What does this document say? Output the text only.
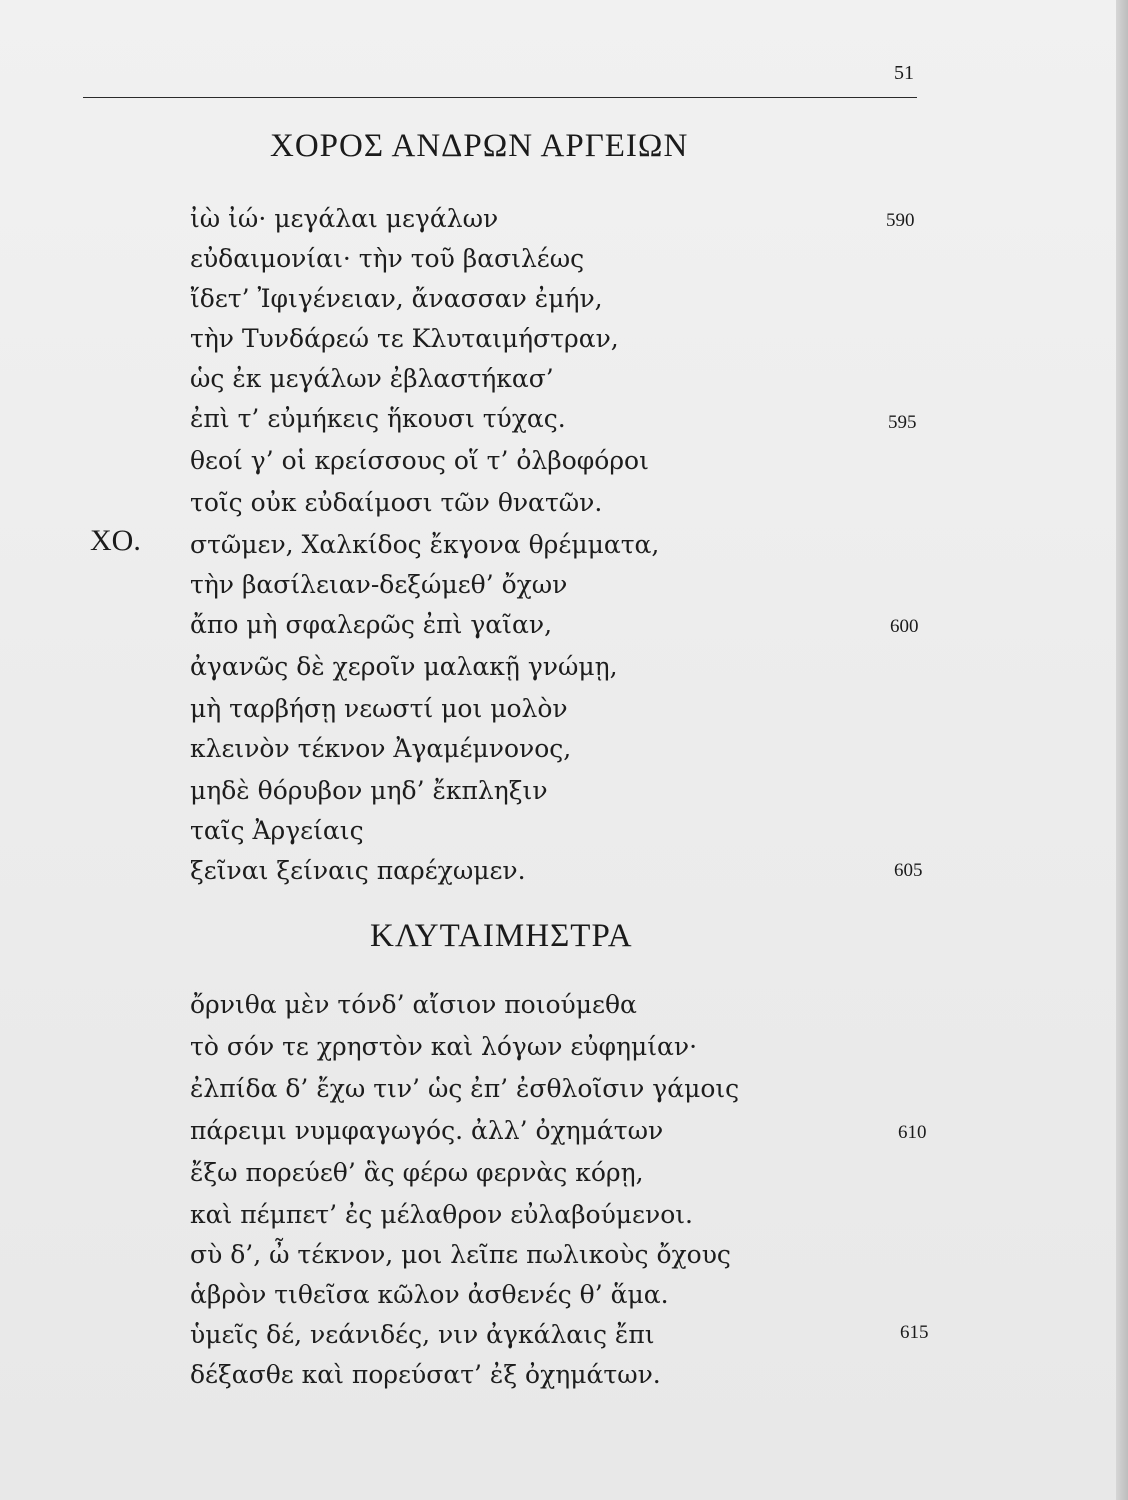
51
ΧΟΡΟΣ ΑΝΔΡΩΝ ΑΡΓΕΙΩΝ
ἰὼ ἰώ· μεγάλαι μεγάλων
εὐδαιμονίαι· τὴν τοῦ βασιλέως
ἴδετ’ Ἰφιγένειαν, ἄνασσαν ἐμήν,
τὴν Τυνδάρεώ τε Κλυταιμήστραν,
ὡς ἐκ μεγάλων ἐβλαστήκασ’
ἐπὶ τ’ εὐμήκεις ἥκουσι τύχας.
θεοί γ’ οἱ κρείσσους οἵ τ’ ὀλβοφόροι
τοῖς οὐκ εὐδαίμοσι τῶν θνατῶν.
στῶμεν, Χαλκίδος ἔκγονα θρέμματα,
τὴν βασίλειαν-δεξώμεθ’ ὄχων
ἄπο μὴ σφαλερῶς ἐπὶ γαῖαν,
ἀγανῶς δὲ χεροῖν μαλακῇ γνώμῃ,
μὴ ταρβήσῃ νεωστί μοι μολὸν
κλεινὸν τέκνον Ἀγαμέμνονος,
μηδὲ θόρυβον μηδ’ ἔκπληξιν
ταῖς Ἀργείαις
ξεῖναι ξείναις παρέχωμεν.
ΧΟ.
ΚΛΥΤΑΙΜΗΣΤΡΑ
ὄρνιθα μὲν τόνδ’ αἴσιον ποιούμεθα
τὸ σόν τε χρηστὸν καὶ λόγων εὐφημίαν·
ἐλπίδα δ’ ἔχω τιν’ ὡς ἐπ’ ἐσθλοῖσιν γάμοις
πάρειμι νυμφαγωγός. ἀλλ’ ὀχημάτων
ἔξω πορεύεθ’ ἃς φέρω φερνὰς κόρῃ,
καὶ πέμπετ’ ἐς μέλαθρον εὐλαβούμενοι.
σὺ δ’, ὦ τέκνον, μοι λεῖπε πωλικοὺς ὄχους
ἁβρὸν τιθεῖσα κῶλον ἀσθενές θ’ ἅμα.
ὑμεῖς δέ, νεάνιδές, νιν ἀγκάλαις ἔπι
δέξασθε καὶ πορεύσατ’ ἐξ ὀχημάτων.
590
595
600
605
610
615
